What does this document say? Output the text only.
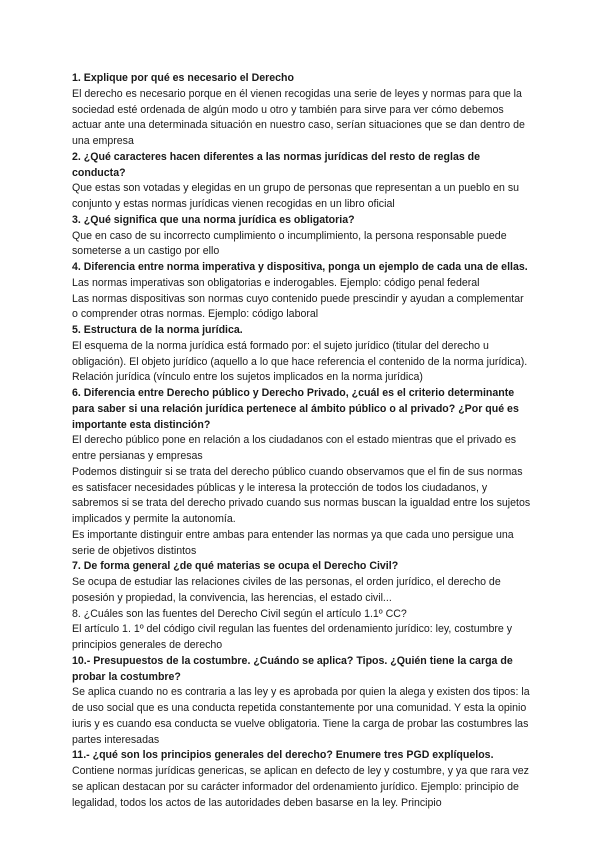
1. Explique por qué es necesario el Derecho

El derecho es necesario porque en él vienen recogidas una serie de leyes y normas para que la sociedad esté ordenada de algún modo u otro y también para sirve para ver cómo debemos actuar ante una determinada situación en nuestro caso, serían situaciones que se dan dentro de una empresa

2. ¿Qué caracteres hacen diferentes a las normas jurídicas del resto de reglas de conducta?

Que estas son votadas y elegidas en un grupo de personas que representan a un pueblo en su conjunto y estas normas jurídicas vienen recogidas en un libro oficial

3. ¿Qué significa que una norma jurídica es obligatoria?

Que en caso de su incorrecto cumplimiento o incumplimiento, la persona responsable puede someterse a un castigo por ello

4. Diferencia entre norma imperativa y dispositiva, ponga un ejemplo de cada una de ellas.

Las normas imperativas son obligatorias e inderogables. Ejemplo: código penal federal

Las normas dispositivas son normas cuyo contenido puede prescindir y ayudan a complementar o comprender otras normas. Ejemplo: código laboral

5. Estructura de la norma jurídica.

El esquema de la norma jurídica está formado por: el sujeto jurídico (titular del derecho u obligación). El objeto jurídico (aquello a lo que hace referencia el contenido de la norma jurídica). Relación jurídica (vínculo entre los sujetos implicados en la norma jurídica)

6. Diferencia entre Derecho público y Derecho Privado, ¿cuál es el criterio determinante para saber si una relación jurídica pertenece al ámbito público o al privado? ¿Por qué es importante esta distinción?

El derecho público pone en relación a los ciudadanos con el estado mientras que el privado es entre persianas y empresas

Podemos distinguir si se trata del derecho público cuando observamos que el fin de sus normas es satisfacer necesidades públicas y le interesa la protección de todos los ciudadanos, y sabremos si se trata del derecho privado cuando sus normas buscan la igualdad entre los sujetos implicados y permite la autonomía.

Es importante distinguir entre ambas para entender las normas ya que cada uno persigue una serie de objetivos distintos

7. De forma general ¿de qué materias se ocupa el Derecho Civil?

Se ocupa de estudiar las relaciones civiles de las personas, el orden jurídico, el derecho de posesión y propiedad, la convivencia, las herencias, el estado civil...

8. ¿Cuáles son las fuentes del Derecho Civil según el artículo 1.1º CC?

El artículo 1. 1º del código civil regulan las fuentes del ordenamiento jurídico: ley, costumbre y principios generales de derecho

10.- Presupuestos de la costumbre. ¿Cuándo se aplica? Tipos. ¿Quién tiene la carga de probar la costumbre?

Se aplica cuando no es contraria a las ley y es aprobada por quien la alega y existen dos tipos: la de uso social que es una conducta repetida constantemente por una comunidad. Y esta la opinio iuris y es cuando esa conducta se vuelve obligatoria. Tiene la carga de probar las costumbres las partes interesadas

11.- ¿qué son los principios generales del derecho? Enumere tres PGD explíquelos.

Contiene normas jurídicas genericas, se aplican en defecto de ley y costumbre, y ya que rara vez se aplican destacan por su carácter informador del ordenamiento jurídico. Ejemplo: principio de legalidad, todos los actos de las autoridades deben basarse en la ley. Principio
